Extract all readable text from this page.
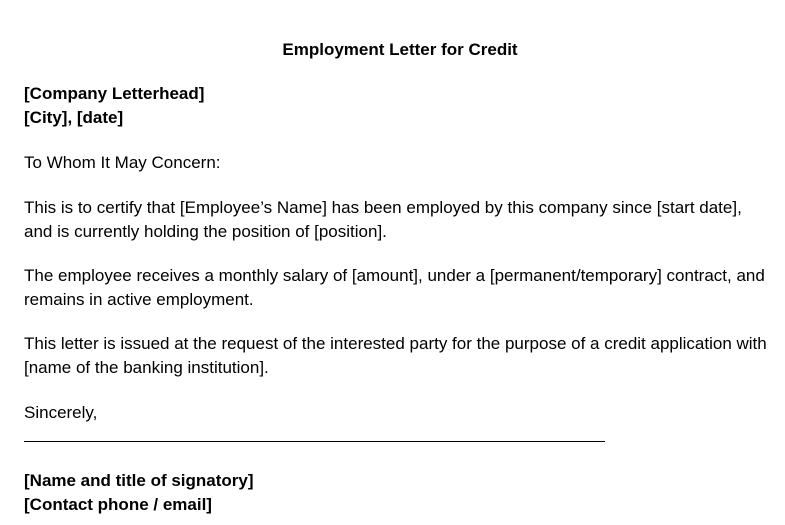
Employment Letter for Credit
[Company Letterhead]
[City], [date]

To Whom It May Concern:

This is to certify that [Employee’s Name] has been employed by this company since [start date], and is currently holding the position of [position].

The employee receives a monthly salary of [amount], under a [permanent/temporary] contract, and remains in active employment.

This letter is issued at the request of the interested party for the purpose of a credit application with [name of the banking institution].

Sincerely,

[Name and title of signatory]
[Contact phone / email]
